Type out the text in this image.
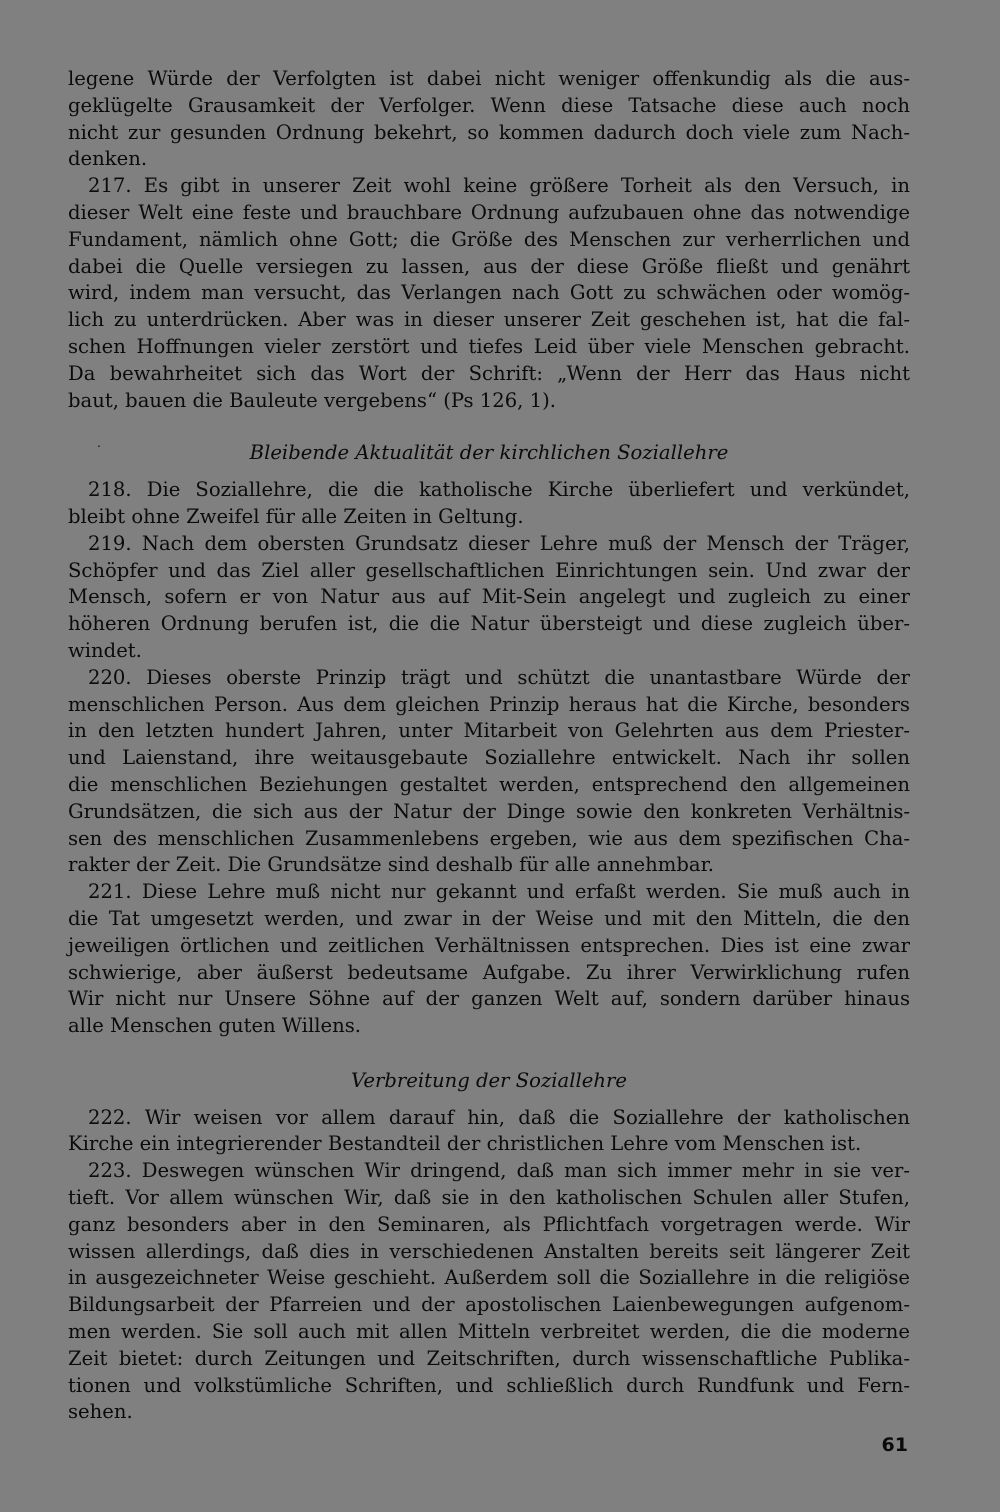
legene Würde der Verfolgten ist dabei nicht weniger offenkundig als die aus-
geklügelte Grausamkeit der Verfolger. Wenn diese Tatsache diese auch noch
nicht zur gesunden Ordnung bekehrt, so kommen dadurch doch viele zum Nach-
denken.
217. Es gibt in unserer Zeit wohl keine größere Torheit als den Versuch, in
dieser Welt eine feste und brauchbare Ordnung aufzubauen ohne das notwendige
Fundament, nämlich ohne Gott; die Größe des Menschen zur verherrlichen und
dabei die Quelle versiegen zu lassen, aus der diese Größe fließt und genährt
wird, indem man versucht, das Verlangen nach Gott zu schwächen oder womög-
lich zu unterdrücken. Aber was in dieser unserer Zeit geschehen ist, hat die fal-
schen Hoffnungen vieler zerstört und tiefes Leid über viele Menschen gebracht.
Da bewahrheitet sich das Wort der Schrift: „Wenn der Herr das Haus nicht
baut, bauen die Bauleute vergebens“ (Ps 126, 1).
Bleibende Aktualität der kirchlichen Soziallehre
218. Die Soziallehre, die die katholische Kirche überliefert und verkündet,
bleibt ohne Zweifel für alle Zeiten in Geltung.
219. Nach dem obersten Grundsatz dieser Lehre muß der Mensch der Träger,
Schöpfer und das Ziel aller gesellschaftlichen Einrichtungen sein. Und zwar der
Mensch, sofern er von Natur aus auf Mit-Sein angelegt und zugleich zu einer
höheren Ordnung berufen ist, die die Natur übersteigt und diese zugleich über-
windet.
220. Dieses oberste Prinzip trägt und schützt die unantastbare Würde der
menschlichen Person. Aus dem gleichen Prinzip heraus hat die Kirche, besonders
in den letzten hundert Jahren, unter Mitarbeit von Gelehrten aus dem Priester-
und Laienstand, ihre weitausgebaute Soziallehre entwickelt. Nach ihr sollen
die menschlichen Beziehungen gestaltet werden, entsprechend den allgemeinen
Grundsätzen, die sich aus der Natur der Dinge sowie den konkreten Verhältnis-
sen des menschlichen Zusammenlebens ergeben, wie aus dem spezifischen Cha-
rakter der Zeit. Die Grundsätze sind deshalb für alle annehmbar.
221. Diese Lehre muß nicht nur gekannt und erfaßt werden. Sie muß auch in
die Tat umgesetzt werden, und zwar in der Weise und mit den Mitteln, die den
jeweiligen örtlichen und zeitlichen Verhältnissen entsprechen. Dies ist eine zwar
schwierige, aber äußerst bedeutsame Aufgabe. Zu ihrer Verwirklichung rufen
Wir nicht nur Unsere Söhne auf der ganzen Welt auf, sondern darüber hinaus
alle Menschen guten Willens.
Verbreitung der Soziallehre
222. Wir weisen vor allem darauf hin, daß die Soziallehre der katholischen
Kirche ein integrierender Bestandteil der christlichen Lehre vom Menschen ist.
223. Deswegen wünschen Wir dringend, daß man sich immer mehr in sie ver-
tieft. Vor allem wünschen Wir, daß sie in den katholischen Schulen aller Stufen,
ganz besonders aber in den Seminaren, als Pflichtfach vorgetragen werde. Wir
wissen allerdings, daß dies in verschiedenen Anstalten bereits seit längerer Zeit
in ausgezeichneter Weise geschieht. Außerdem soll die Soziallehre in die religiöse
Bildungsarbeit der Pfarreien und der apostolischen Laienbewegungen aufgenom-
men werden. Sie soll auch mit allen Mitteln verbreitet werden, die die moderne
Zeit bietet: durch Zeitungen und Zeitschriften, durch wissenschaftliche Publika-
tionen und volkstümliche Schriften, und schließlich durch Rundfunk und Fern-
sehen.
.
61
